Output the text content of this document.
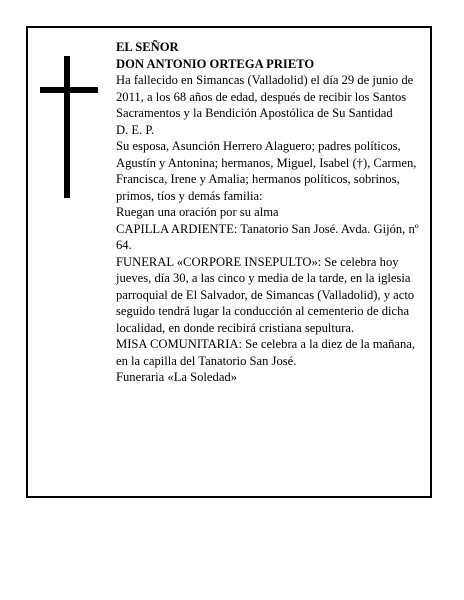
EL SEÑOR

DON ANTONIO ORTEGA PRIETO

Ha fallecido en Simancas (Valladolid) el día 29 de junio de 2011, a los 68 años de edad, después de recibir los Santos Sacramentos y la Bendición Apostólica de Su Santidad

D. E. P.

Su esposa, Asunción Herrero Alaguero; padres políticos, Agustín y Antonina; hermanos, Miguel, Isabel (†), Carmen, Francisca, Irene y Amalia; hermanos políticos, sobrinos, primos, tíos y demás familia:

Ruegan una oración por su alma

CAPILLA ARDIENTE: Tanatorio San José. Avda. Gijón, nº 64.

FUNERAL «CORPORE INSEPULTO»: Se celebra hoy jueves, día 30, a las cinco y media de la tarde, en la iglesia parroquial de El Salvador, de Simancas (Valladolid), y acto seguido tendrá lugar la conducción al cementerio de dicha localidad, en donde recibirá cristiana sepultura.

MISA COMUNITARIA: Se celebra a la diez de la mañana, en la capilla del Tanatorio San José.

Funeraria «La Soledad»
